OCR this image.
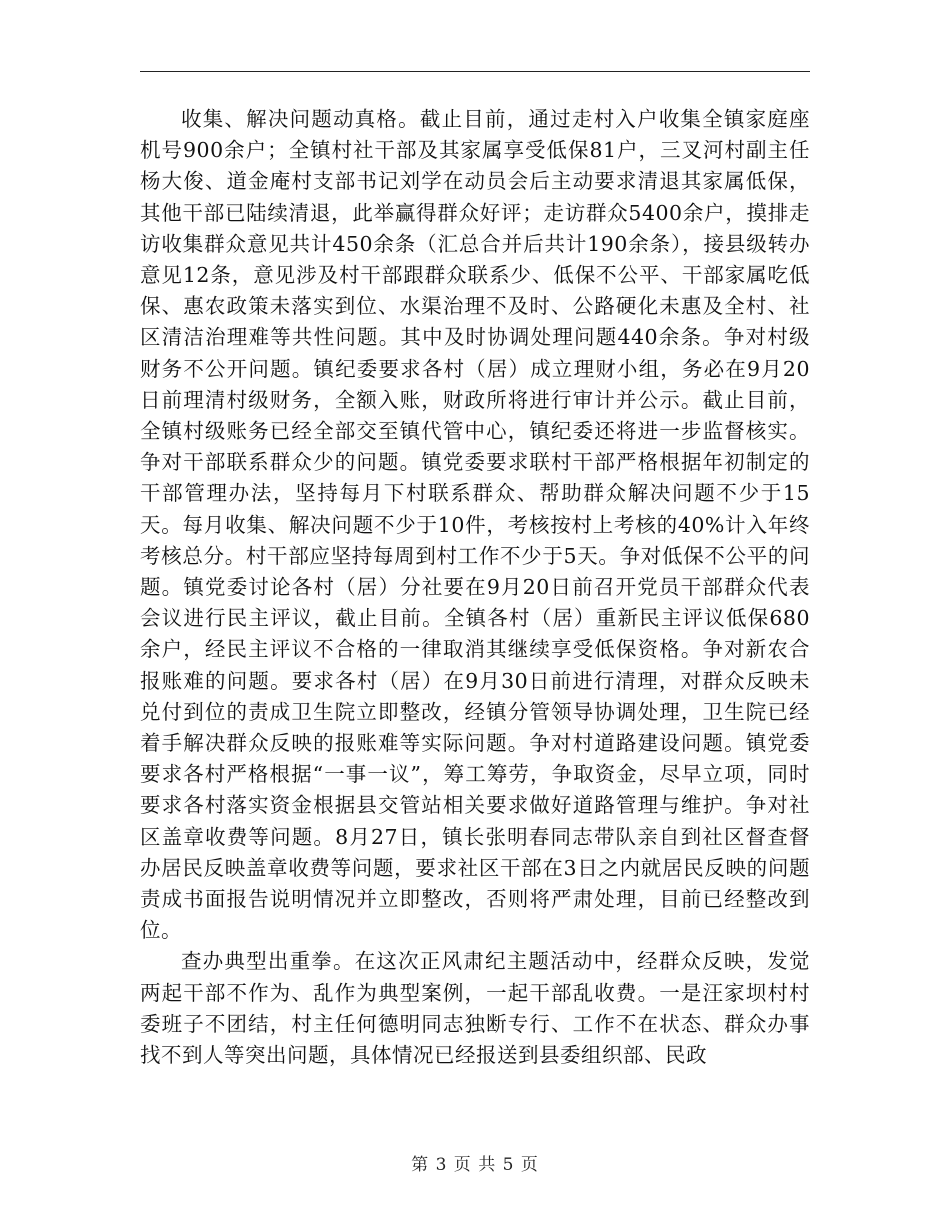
收集、解决问题动真格。截止目前，通过走村入户收集全镇家庭座机号900余户；全镇村社干部及其家属享受低保81户，三叉河村副主任杨大俊、道金庵村支部书记刘学在动员会后主动要求清退其家属低保，其他干部已陆续清退，此举赢得群众好评；走访群众5400余户，摸排走访收集群众意见共计450余条（汇总合并后共计190余条），接县级转办意见12条，意见涉及村干部跟群众联系少、低保不公平、干部家属吃低保、惠农政策未落实到位、水渠治理不及时、公路硬化未惠及全村、社区清洁治理难等共性问题。其中及时协调处理问题440余条。争对村级财务不公开问题。镇纪委要求各村（居）成立理财小组，务必在9月20日前理清村级财务，全额入账，财政所将进行审计并公示。截止目前，全镇村级账务已经全部交至镇代管中心，镇纪委还将进一步监督核实。争对干部联系群众少的问题。镇党委要求联村干部严格根据年初制定的干部管理办法，坚持每月下村联系群众、帮助群众解决问题不少于15天。每月收集、解决问题不少于10件，考核按村上考核的40%计入年终考核总分。村干部应坚持每周到村工作不少于5天。争对低保不公平的问题。镇党委讨论各村（居）分社要在9月20日前召开党员干部群众代表会议进行民主评议，截止目前。全镇各村（居）重新民主评议低保680余户，经民主评议不合格的一律取消其继续享受低保资格。争对新农合报账难的问题。要求各村（居）在9月30日前进行清理，对群众反映未兑付到位的责成卫生院立即整改，经镇分管领导协调处理，卫生院已经着手解决群众反映的报账难等实际问题。争对村道路建设问题。镇党委要求各村严格根据“一事一议”，筹工筹劳，争取资金，尽早立项，同时要求各村落实资金根据县交管站相关要求做好道路管理与维护。争对社区盖章收费等问题。8月27日，镇长张明春同志带队亲自到社区督查督办居民反映盖章收费等问题，要求社区干部在3日之内就居民反映的问题责成书面报告说明情况并立即整改，否则将严肃处理，目前已经整改到位。

查办典型出重拳。在这次正风肃纪主题活动中，经群众反映，发觉两起干部不作为、乱作为典型案例，一起干部乱收费。一是汪家坝村村委班子不团结，村主任何德明同志独断专行、工作不在状态、群众办事找不到人等突出问题，具体情况已经报送到县委组织部、民政

第 3 页 共 5 页
